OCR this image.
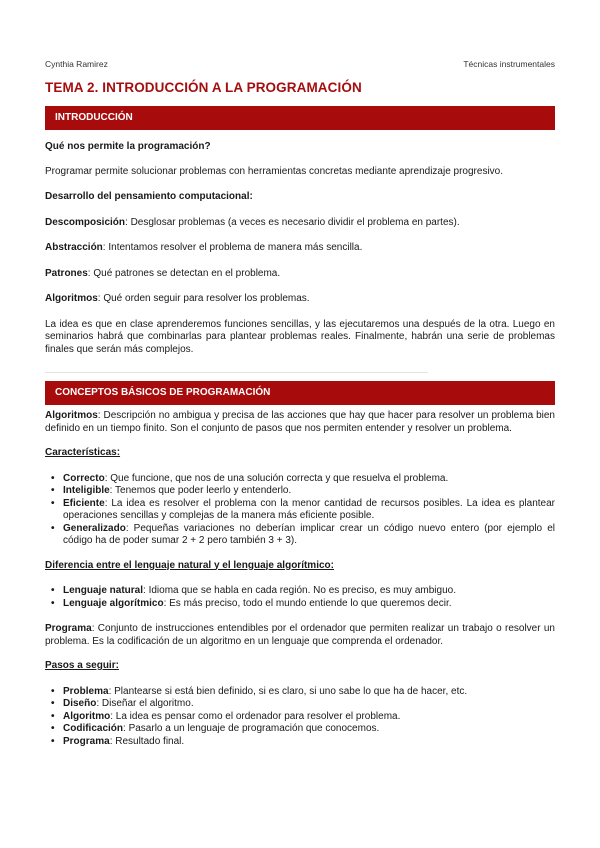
Cynthia Ramirez	Técnicas instrumentales
TEMA 2. INTRODUCCIÓN A LA PROGRAMACIÓN
INTRODUCCIÓN

Qué nos permite la programación?

Programar permite solucionar problemas con herramientas concretas mediante aprendizaje progresivo.

Desarrollo del pensamiento computacional:

Descomposición: Desglosar problemas (a veces es necesario dividir el problema en partes).

Abstracción: Intentamos resolver el problema de manera más sencilla.

Patrones: Qué patrones se detectan en el problema.

Algoritmos: Qué orden seguir para resolver los problemas.

La idea es que en clase aprenderemos funciones sencillas, y las ejecutaremos una después de la otra. Luego en seminarios habrá que combinarlas para plantear problemas reales. Finalmente, habrán una serie de problemas finales que serán más complejos.

CONCEPTOS BÁSICOS DE PROGRAMACIÓN

Algoritmos: Descripción no ambigua y precisa de las acciones que hay que hacer para resolver un problema bien definido en un tiempo finito. Son el conjunto de pasos que nos permiten entender y resolver un problema.

Características:

• Correcto: Que funcione, que nos de una solución correcta y que resuelva el problema.
• Inteligible: Tenemos que poder leerlo y entenderlo.
• Eficiente: La idea es resolver el problema con la menor cantidad de recursos posibles. La idea es plantear operaciones sencillas y complejas de la manera más eficiente posible.
• Generalizado: Pequeñas variaciones no deberían implicar crear un código nuevo entero (por ejemplo el código ha de poder sumar 2 + 2 pero también 3 + 3).

Diferencia entre el lenguaje natural y el lenguaje algorítmico:

• Lenguaje natural: Idioma que se habla en cada región. No es preciso, es muy ambiguo.
• Lenguaje algorítmico: Es más preciso, todo el mundo entiende lo que queremos decir.

Programa: Conjunto de instrucciones entendibles por el ordenador que permiten realizar un trabajo o resolver un problema. Es la codificación de un algoritmo en un lenguaje que comprenda el ordenador.

Pasos a seguir:

• Problema: Plantearse si está bien definido, si es claro, si uno sabe lo que ha de hacer, etc.
• Diseño: Diseñar el algoritmo.
• Algoritmo: La idea es pensar como el ordenador para resolver el problema.
• Codificación: Pasarlo a un lenguaje de programación que conocemos.
• Programa: Resultado final.
